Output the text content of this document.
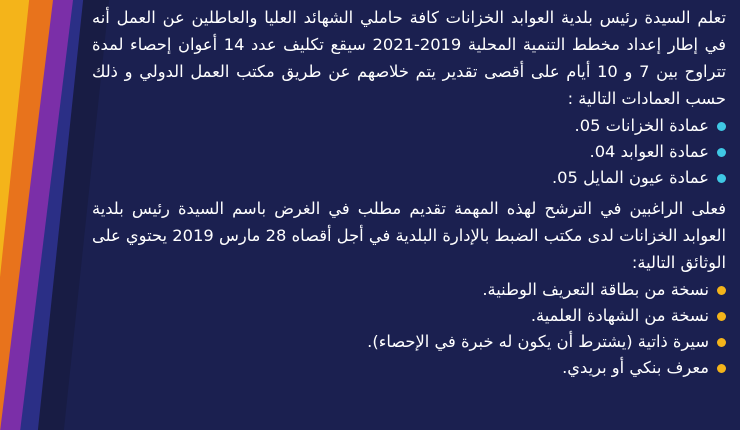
تعلم السيدة رئيس بلدية العوابد الخزانات كافة حاملي الشهائد العليا والعاطلين عن العمل أنه في إطار إعداد مخطط التنمية المحلية 2019-2021 سيقع تكليف عدد 14 أعوان إحصاء لمدة تتراوح بين 7 و 10 أيام على أقصى تقدير يتم خلاصهم عن طريق مكتب العمل الدولي و ذلك حسب العمادات التالية :

عمادة الخزانات 05.
عمادة العوابد 04.
عمادة عيون المايل 05.

فعلى الراغبين في الترشح لهذه المهمة تقديم مطلب في الغرض باسم السيدة رئيس بلدية العوابد الخزانات لدى مكتب الضبط بالإدارة البلدية في أجل أقصاه 28 مارس 2019 يحتوي على الوثائق التالية:

نسخة من بطاقة التعريف الوطنية.
نسخة من الشهادة العلمية.
سيرة ذاتية (يشترط أن يكون له خبرة في الإحصاء).
معرف بنكي أو بريدي.
